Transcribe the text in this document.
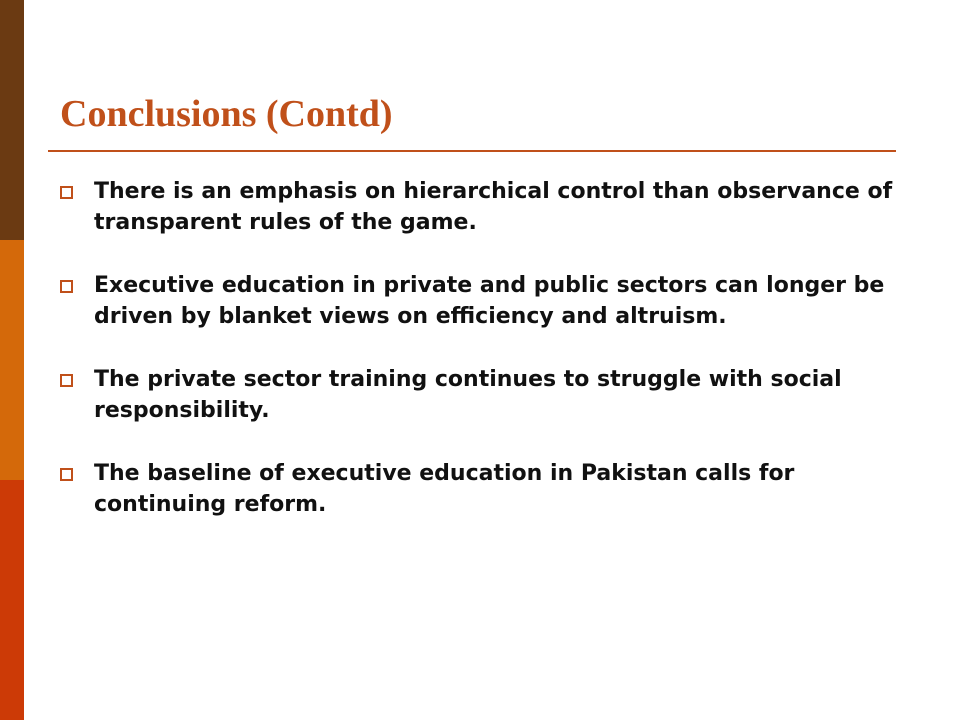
Conclusions (Contd)
There is an emphasis on hierarchical control than observance of transparent rules of the game.
Executive education in private and public sectors can longer be driven by blanket views on efficiency and altruism.
The private sector training continues to struggle with social responsibility.
The baseline of executive education in Pakistan calls for continuing reform.
